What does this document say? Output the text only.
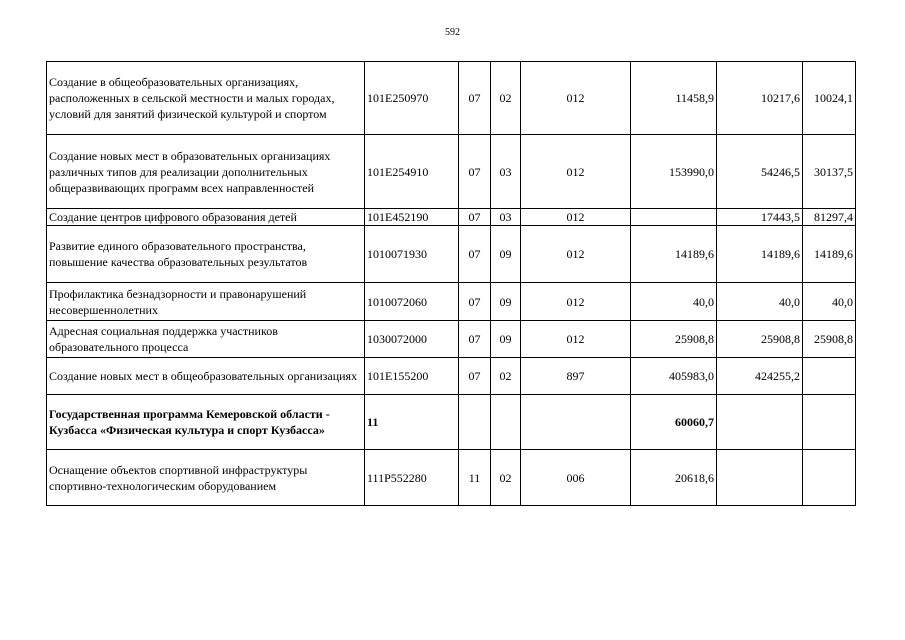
592
Создание в общеобразовательных организациях, расположенных в сельской местности и малых городах, условий для занятий физической культурой и спортом	101E250970	07	02	012	11458,9	10217,6	10024,1
Создание новых мест в образовательных организациях различных типов для реализации дополнительных общеразвивающих программ всех направленностей	101E254910	07	03	012	153990,0	54246,5	30137,5
Создание центров цифрового образования детей	101E452190	07	03	012		17443,5	81297,4
Развитие единого образовательного пространства, повышение качества образовательных результатов	1010071930	07	09	012	14189,6	14189,6	14189,6
Профилактика безнадзорности и правонарушений несовершеннолетних	1010072060	07	09	012	40,0	40,0	40,0
Адресная социальная поддержка участников образовательного процесса	1030072000	07	09	012	25908,8	25908,8	25908,8
Создание новых мест в общеобразовательных организациях	101E155200	07	02	897	405983,0	424255,2	
Государственная программа Кемеровской области - Кузбасса «Физическая культура и спорт Кузбасса»	11				60060,7		
Оснащение объектов спортивной инфраструктуры спортивно-технологическим оборудованием	111P552280	11	02	006	20618,6		
